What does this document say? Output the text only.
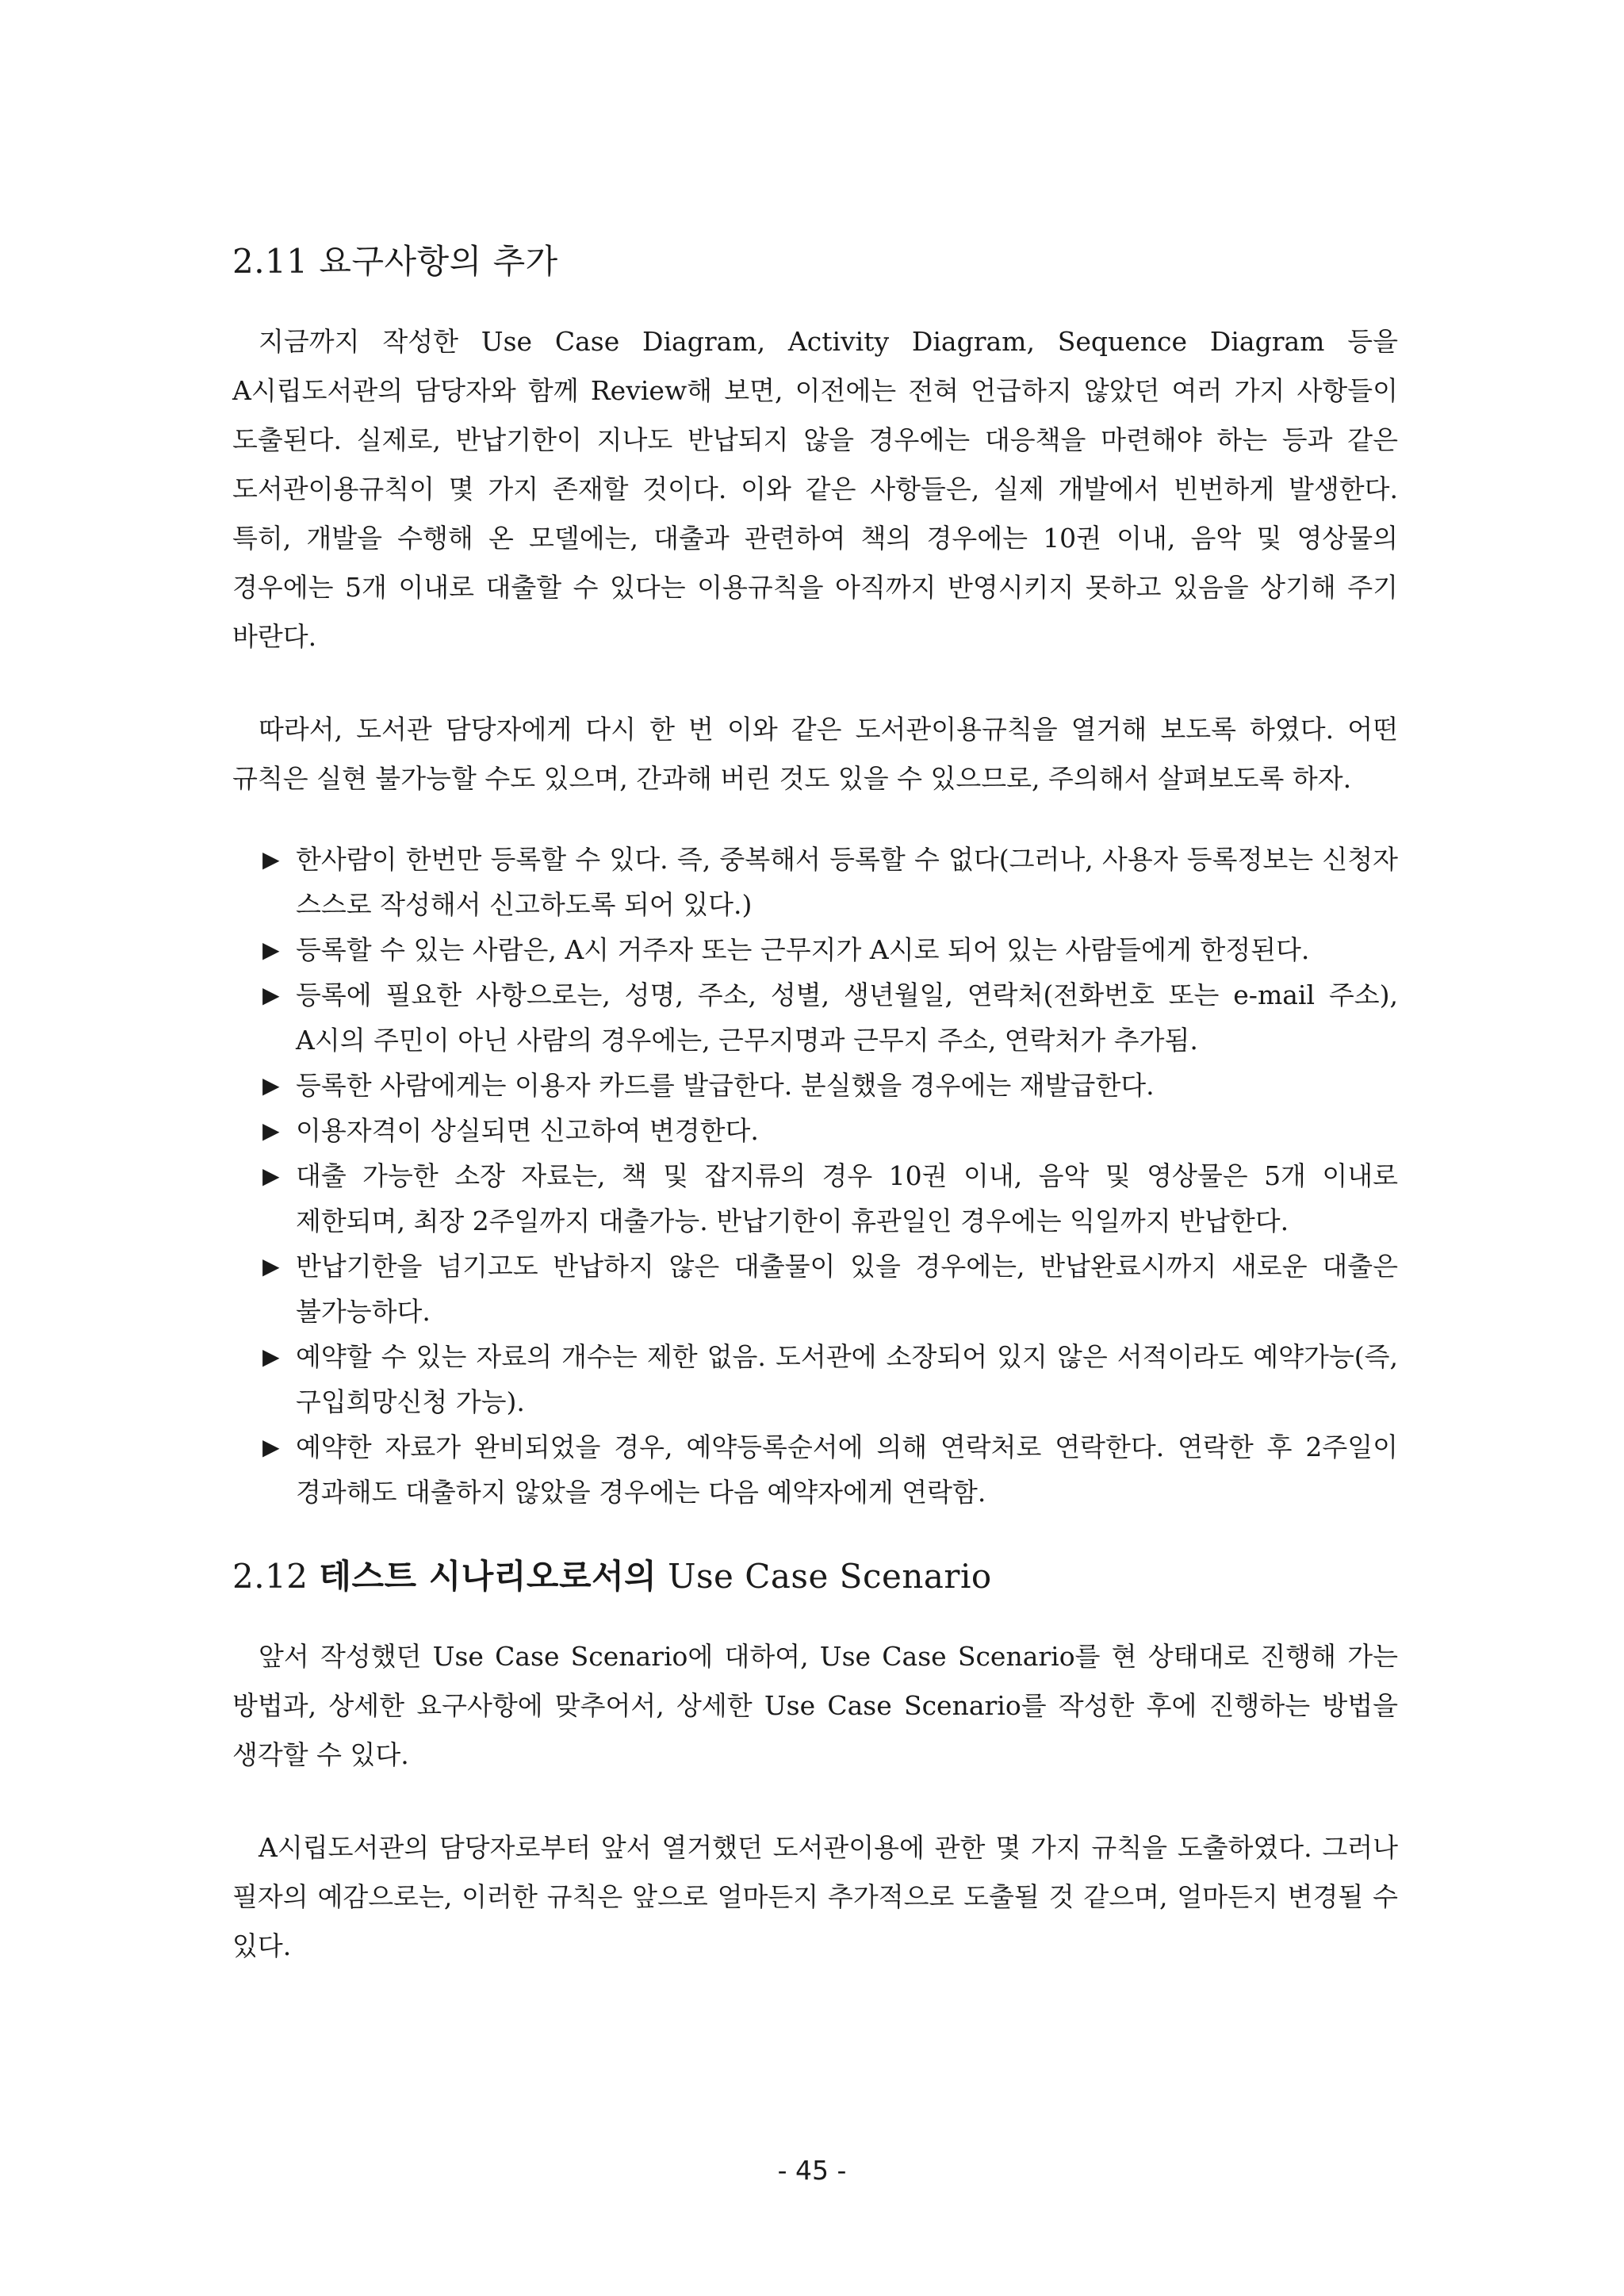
2.11 요구사항의 추가

지금까지 작성한 Use Case Diagram, Activity Diagram, Sequence Diagram 등을 A시립도서관의 담당자와 함께 Review해 보면, 이전에는 전혀 언급하지 않았던 여러 가지 사항들이 도출된다. 실제로, 반납기한이 지나도 반납되지 않을 경우에는 대응책을 마련해야 하는 등과 같은 도서관이용규칙이 몇 가지 존재할 것이다. 이와 같은 사항들은, 실제 개발에서 빈번하게 발생한다. 특히, 개발을 수행해 온 모델에는, 대출과 관련하여 책의 경우에는 10권 이내, 음악 및 영상물의 경우에는 5개 이내로 대출할 수 있다는 이용규칙을 아직까지 반영시키지 못하고 있음을 상기해 주기 바란다.

따라서, 도서관 담당자에게 다시 한 번 이와 같은 도서관이용규칙을 열거해 보도록 하였다. 어떤 규칙은 실현 불가능할 수도 있으며, 간과해 버린 것도 있을 수 있으므로, 주의해서 살펴보도록 하자.

▶ 한사람이 한번만 등록할 수 있다. 즉, 중복해서 등록할 수 없다(그러나, 사용자 등록정보는 신청자 스스로 작성해서 신고하도록 되어 있다.)
▶ 등록할 수 있는 사람은, A시 거주자 또는 근무지가 A시로 되어 있는 사람들에게 한정된다.
▶ 등록에 필요한 사항으로는, 성명, 주소, 성별, 생년월일, 연락처(전화번호 또는 e-mail 주소), A시의 주민이 아닌 사람의 경우에는, 근무지명과 근무지 주소, 연락처가 추가됨.
▶ 등록한 사람에게는 이용자 카드를 발급한다. 분실했을 경우에는 재발급한다.
▶ 이용자격이 상실되면 신고하여 변경한다.
▶ 대출 가능한 소장 자료는, 책 및 잡지류의 경우 10권 이내, 음악 및 영상물은 5개 이내로 제한되며, 최장 2주일까지 대출가능. 반납기한이 휴관일인 경우에는 익일까지 반납한다.
▶ 반납기한을 넘기고도 반납하지 않은 대출물이 있을 경우에는, 반납완료시까지 새로운 대출은 불가능하다.
▶ 예약할 수 있는 자료의 개수는 제한 없음. 도서관에 소장되어 있지 않은 서적이라도 예약가능(즉, 구입희망신청 가능).
▶ 예약한 자료가 완비되었을 경우, 예약등록순서에 의해 연락처로 연락한다. 연락한 후 2주일이 경과해도 대출하지 않았을 경우에는 다음 예약자에게 연락함.
2.12 테스트 시나리오로서의 Use Case Scenario

앞서 작성했던 Use Case Scenario에 대하여, Use Case Scenario를 현 상태대로 진행해 가는 방법과, 상세한 요구사항에 맞추어서, 상세한 Use Case Scenario를 작성한 후에 진행하는 방법을 생각할 수 있다.

A시립도서관의 담당자로부터 앞서 열거했던 도서관이용에 관한 몇 가지 규칙을 도출하였다. 그러나 필자의 예감으로는, 이러한 규칙은 앞으로 얼마든지 추가적으로 도출될 것 같으며, 얼마든지 변경될 수 있다.

- 45 -
